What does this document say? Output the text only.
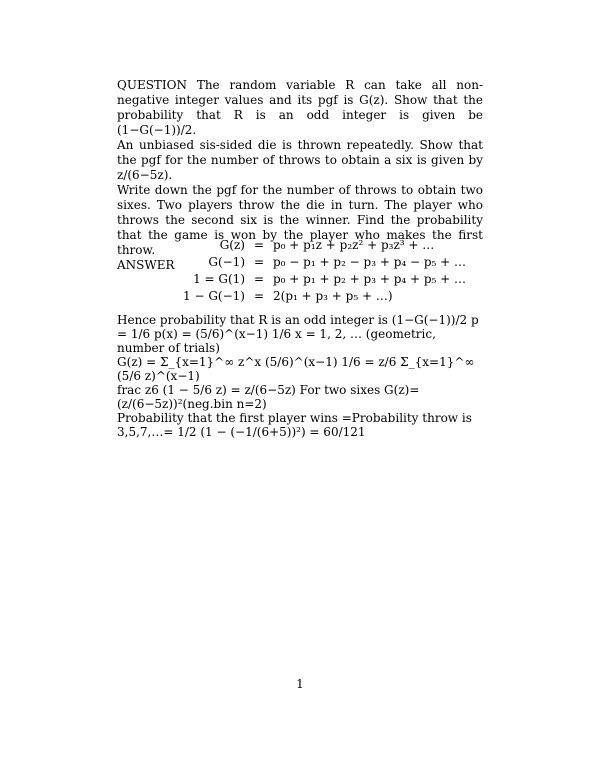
QUESTION The random variable R can take all non-negative integer values and its pgf is G(z). Show that the probability that R is an odd integer is given be (1−G(−1))/2.

An unbiased sis-sided die is thrown repeatedly. Show that the pgf for the number of throws to obtain a six is given by z/(6−5z).

Write down the pgf for the number of throws to obtain two sixes. Two players throw the die in turn. The player who throws the second six is the winner. Find the probability that the game is won by the player who makes the first throw.

ANSWER

G(z)	=	p₀ + p₁z + p₂z² + p₃z³ + …
G(−1)	=	p₀ − p₁ + p₂ − p₃ + p₄ − p₅ + …
1 = G(1)	=	p₀ + p₁ + p₂ + p₃ + p₄ + p₅ + …
1 − G(−1)	=	2(p₁ + p₃ + p₅ + …)

Hence probability that R is an odd integer is (1−G(−1))/2 p = 1/6 p(x) = (5/6)^(x−1) 1/6 x = 1, 2, … (geometric, number of trials)

G(z) = Σ_{x=1}^∞ z^x (5/6)^(x−1) 1/6 = z/6 Σ_{x=1}^∞ (5/6 z)^(x−1)

frac z6 (1 − 5/6 z) = z/(6−5z) For two sixes G(z)=(z/(6−5z))²(neg.bin n=2)

Probability that the first player wins =Probability throw is 3,5,7,…= 1/2 (1 − (−1/(6+5))²) = 60/121

1
